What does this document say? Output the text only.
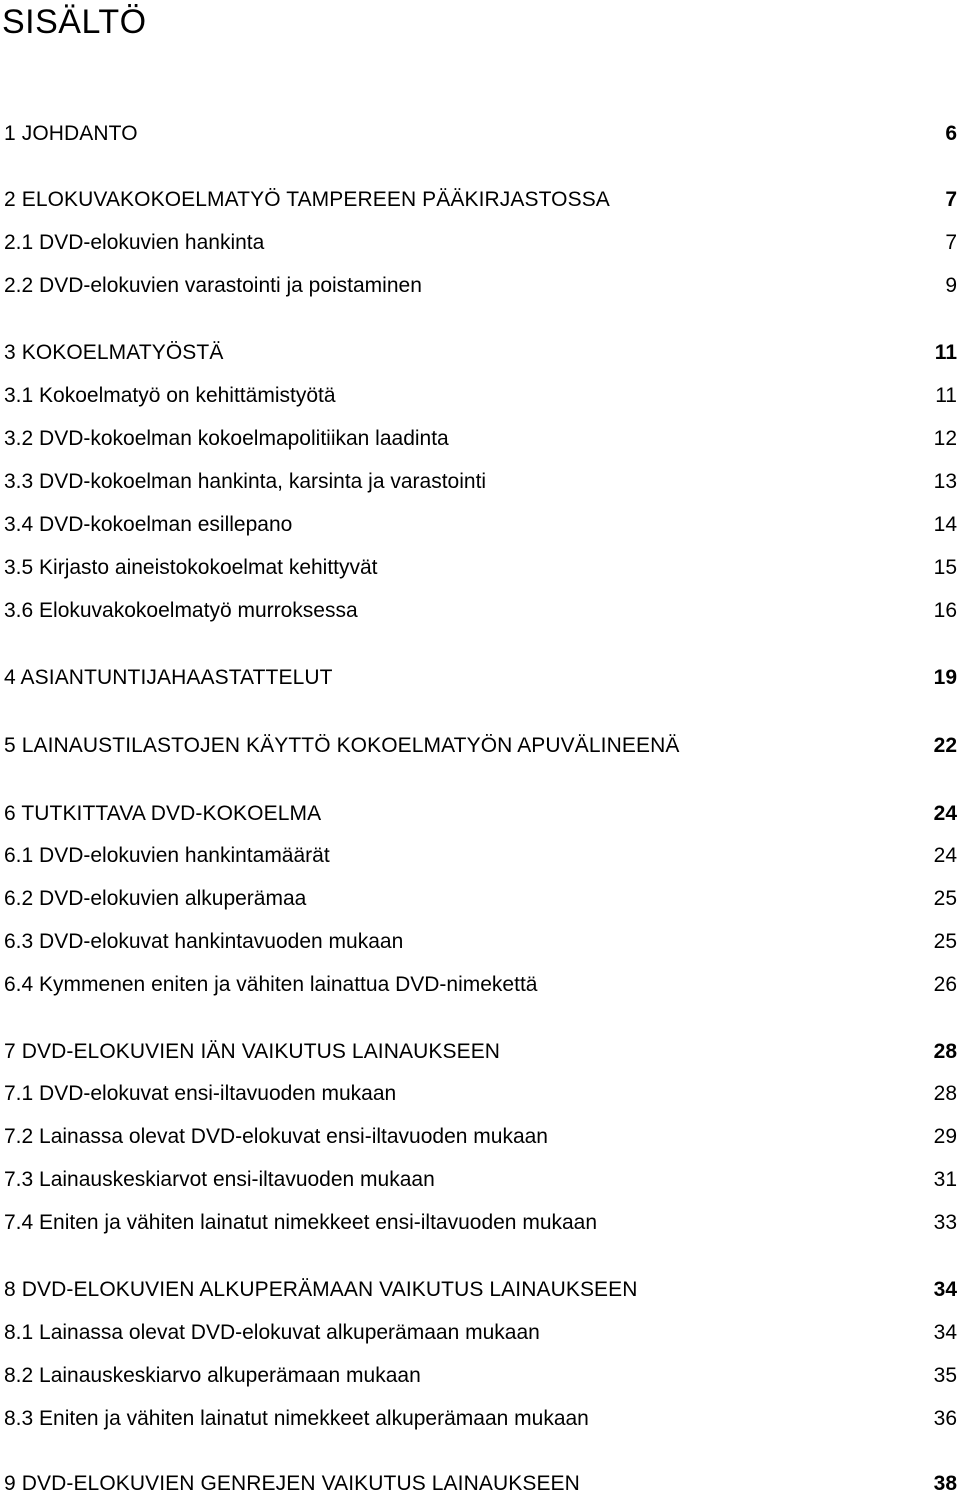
SISÄLTÖ
1 JOHDANTO	6
2 ELOKUVAKOKOELMATYÖ TAMPEREEN PÄÄKIRJASTOSSA	7
2.1 DVD-elokuvien hankinta	7
2.2 DVD-elokuvien varastointi ja poistaminen	9
3 KOKOELMATYÖSTÄ	11
3.1 Kokoelmatyö on kehittämistyötä	11
3.2 DVD-kokoelman kokoelmapolitiikan laadinta	12
3.3 DVD-kokoelman hankinta, karsinta ja varastointi	13
3.4 DVD-kokoelman esillepano	14
3.5 Kirjasto aineistokokoelmat kehittyvät	15
3.6 Elokuvakokoelmatyö murroksessa	16
4 ASIANTUNTIJAHAASTATTELUT	19
5 LAINAUSTILASTOJEN KÄYTTÖ KOKOELMATYÖN APUVÄLINEENÄ	22
6 TUTKITTAVA DVD-KOKOELMA	24
6.1 DVD-elokuvien hankintamäärät	24
6.2 DVD-elokuvien alkuperämaa	25
6.3 DVD-elokuvat hankintavuoden mukaan	25
6.4 Kymmenen eniten ja vähiten lainattua DVD-nimekettä	26
7 DVD-ELOKUVIEN IÄN VAIKUTUS LAINAUKSEEN	28
7.1 DVD-elokuvat ensi-iltavuoden mukaan	28
7.2 Lainassa olevat DVD-elokuvat ensi-iltavuoden mukaan	29
7.3 Lainauskeskiarvot ensi-iltavuoden mukaan	31
7.4 Eniten ja vähiten lainatut nimekkeet ensi-iltavuoden mukaan	33
8 DVD-ELOKUVIEN ALKUPERÄMAAN VAIKUTUS LAINAUKSEEN	34
8.1 Lainassa olevat DVD-elokuvat alkuperämaan mukaan	34
8.2 Lainauskeskiarvo alkuperämaan mukaan	35
8.3 Eniten ja vähiten lainatut nimekkeet alkuperämaan mukaan	36
9 DVD-ELOKUVIEN GENREJEN VAIKUTUS LAINAUKSEEN	38
